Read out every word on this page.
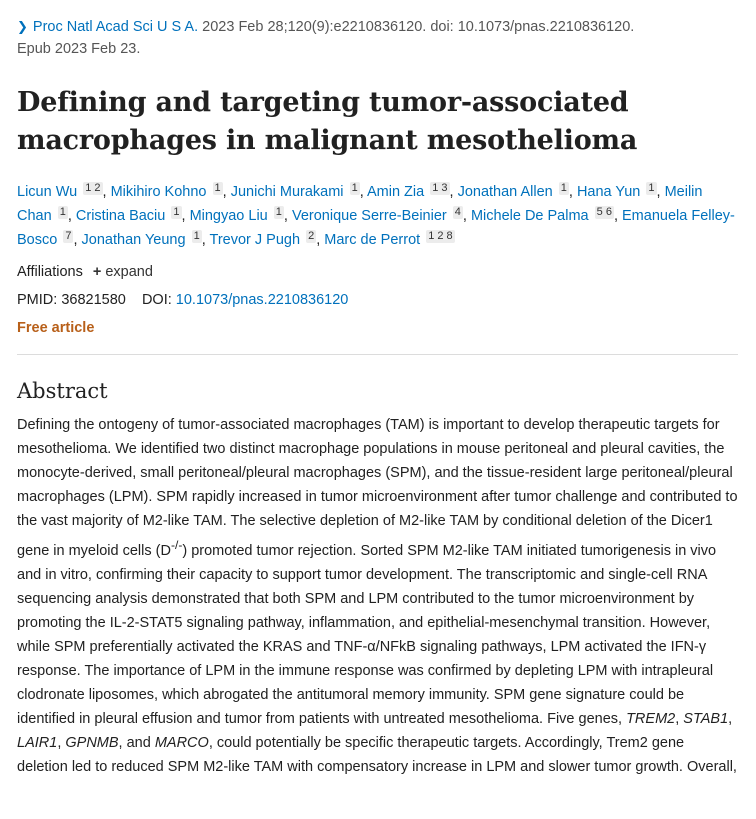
❯ Proc Natl Acad Sci U S A. 2023 Feb 28;120(9):e2210836120. doi: 10.1073/pnas.2210836120.
Epub 2023 Feb 23.
Defining and targeting tumor-associated macrophages in malignant mesothelioma
Licun Wu 1 2 , Mikihiro Kohno 1 , Junichi Murakami 1 , Amin Zia 1 3 , Jonathan Allen 1 , Hana Yun 1 , Meilin Chan 1 , Cristina Baciu 1 , Mingyao Liu 1 , Veronique Serre-Beinier 4 , Michele De Palma 5 6 , Emanuela Felley-Bosco 7 , Jonathan Yeung 1 , Trevor J Pugh 2 , Marc de Perrot 1 2 8
Affiliations + expand
PMID: 36821580 DOI: 10.1073/pnas.2210836120
Free article
Abstract
Defining the ontogeny of tumor-associated macrophages (TAM) is important to develop therapeutic targets for mesothelioma. We identified two distinct macrophage populations in mouse peritoneal and pleural cavities, the monocyte-derived, small peritoneal/pleural macrophages (SPM), and the tissue-resident large peritoneal/pleural macrophages (LPM). SPM rapidly increased in tumor microenvironment after tumor challenge and contributed to the vast majority of M2-like TAM. The selective depletion of M2-like TAM by conditional deletion of the Dicer1 gene in myeloid cells (D-/-) promoted tumor rejection. Sorted SPM M2-like TAM initiated tumorigenesis in vivo and in vitro, confirming their capacity to support tumor development. The transcriptomic and single-cell RNA sequencing analysis demonstrated that both SPM and LPM contributed to the tumor microenvironment by promoting the IL-2-STAT5 signaling pathway, inflammation, and epithelial-mesenchymal transition. However, while SPM preferentially activated the KRAS and TNF-α/NFkB signaling pathways, LPM activated the IFN-γ response. The importance of LPM in the immune response was confirmed by depleting LPM with intrapleural clodronate liposomes, which abrogated the antitumoral memory immunity. SPM gene signature could be identified in pleural effusion and tumor from patients with untreated mesothelioma. Five genes, TREM2, STAB1, LAIR1, GPNMB, and MARCO, could potentially be specific therapeutic targets. Accordingly, Trem2 gene deletion led to reduced SPM M2-like TAM with compensatory increase in LPM and slower tumor growth. Overall,
